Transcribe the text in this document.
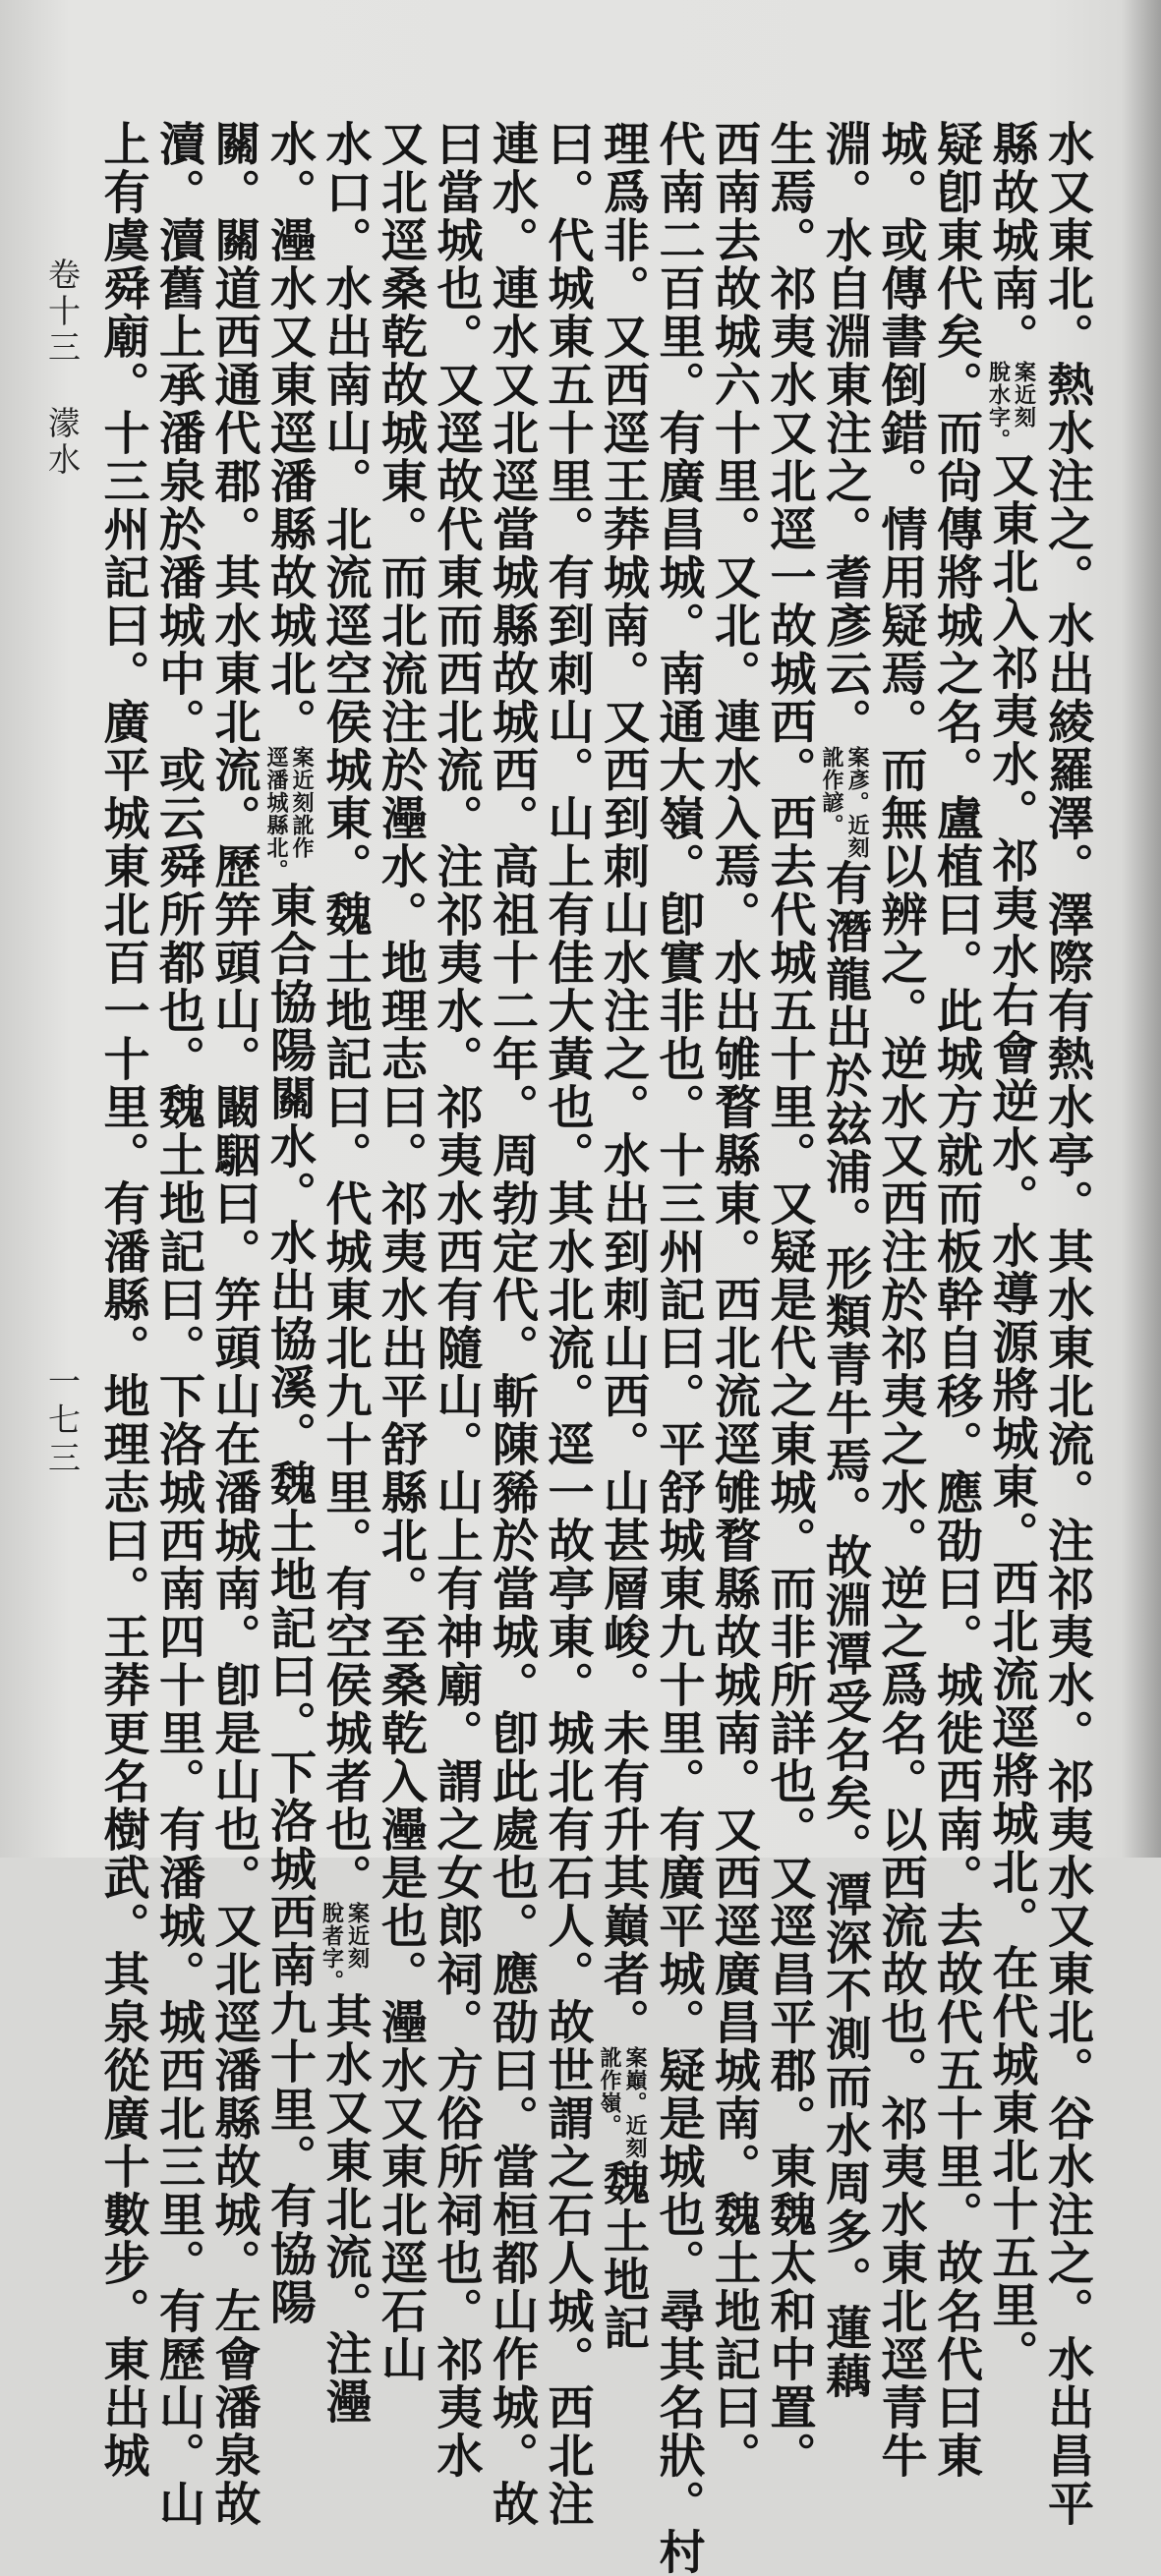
水又東北。熱水注之。水出綾羅澤。澤際有熱水亭。其水東北流。注祁夷水。祁夷水又東北。谷水注之。水出昌平
縣故城南。
案近刻
脫水字。
又東北入祁夷水。祁夷水右會逆水。水導源將城東。西北流逕將城北。在代城東北十五里。
疑卽東代矣。而尙傳將城之名。盧植曰。此城方就而板幹自移。應劭曰。城徙西南。去故代五十里。故名代曰東
城。或傳書倒錯。情用疑焉。而無以辨之。逆水又西注於祁夷之水。逆之爲名。以西流故也。祁夷水東北逕青牛
淵。水自淵東注之。耆彥云。
案彥。近刻
訛作諺。
有潛龍出於玆浦。形類青牛焉。故淵潭受名矣。潭深不測而水周多。蓮藕
生焉。祁夷水又北逕一故城西。西去代城五十里。又疑是代之東城。而非所詳也。又逕昌平郡。東魏太和中置。
西南去故城六十里。又北。連水入焉。水出雊瞀縣東。西北流逕雊瞀縣故城南。又西逕廣昌城南。魏土地記曰。
代南二百里。有廣昌城。南通大嶺。卽實非也。十三州記曰。平舒城東九十里。有廣平城。疑是城也。尋其名狀。村
理爲非。又西逕王莽城南。又西到刺山水注之。水出到刺山西。山甚層峻。未有升其巔者。
案巔。近刻
訛作嶺。
魏土地記
曰。代城東五十里。有到刺山。山上有佳大黃也。其水北流。逕一故亭東。城北有石人。故世謂之石人城。西北注
連水。連水又北逕當城縣故城西。高祖十二年。周勃定代。斬陳豨於當城。卽此處也。應劭曰。當桓都山作城。故
曰當城也。又逕故代東而西北流。注祁夷水。祁夷水西有隨山。山上有神廟。謂之女郎祠。方俗所祠也。祁夷水
又北逕桑乾故城東。而北流注於灅水。地理志曰。祁夷水出平舒縣北。至桑乾入灅是也。灅水又東北逕石山
水口。水出南山。北流逕空侯城東。魏土地記曰。代城東北九十里。有空侯城者也。
案近刻
脫者字。
其水又東北流。注灅
水。灅水又東逕潘縣故城北。
案近刻訛作
逕潘城縣北。
東合協陽關水。水出協溪。魏土地記曰。下洛城西南九十里。有協陽
關。關道西通代郡。其水東北流。歷笄頭山。闞駰曰。笄頭山在潘城南。卽是山也。又北逕潘縣故城。左會潘泉故
瀆。瀆舊上承潘泉於潘城中。或云舜所都也。魏土地記曰。下洛城西南四十里。有潘城。城西北三里。有歷山。山
上有虞舜廟。十三州記曰。廣平城東北百一十里。有潘縣。地理志曰。王莽更名樹武。其泉從廣十數步。東出城
卷十三濛水
一七三
